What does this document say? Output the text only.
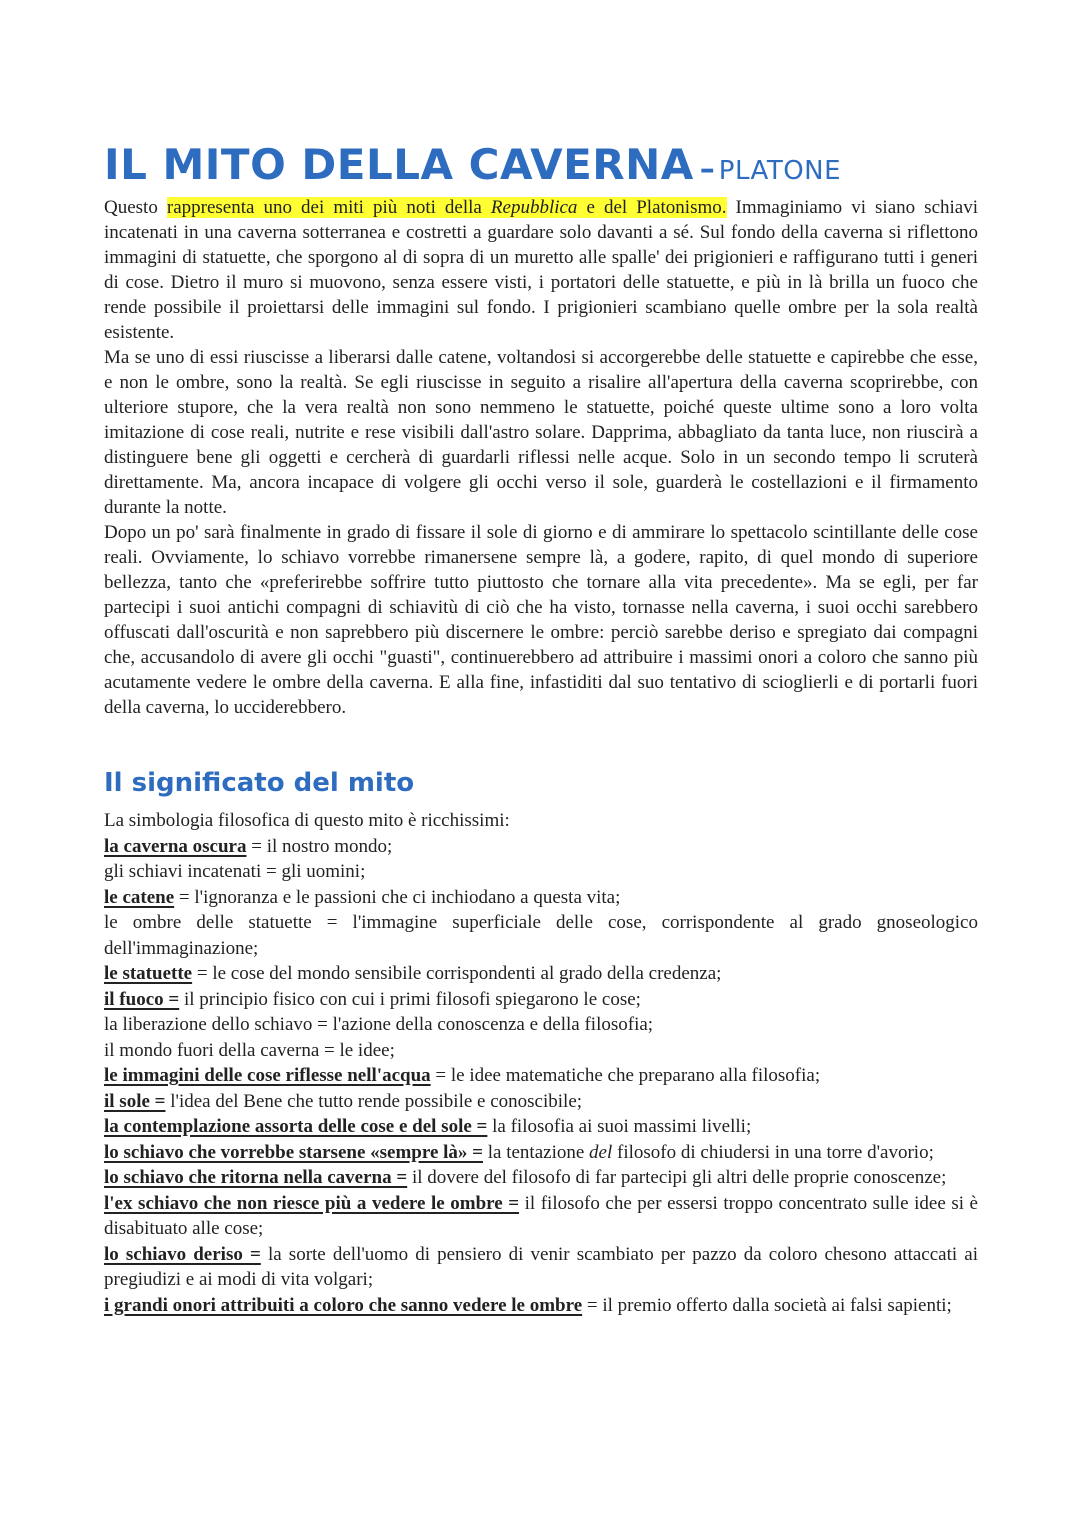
IL MITO DELLA CAVERNA – PLATONE

Questo rappresenta uno dei miti più noti della Repubblica e del Platonismo. Immaginiamo vi siano schiavi incatenati in una caverna sotterranea e costretti a guardare solo davanti a sé. Sul fondo della caverna si riflettono immagini di statuette, che sporgono al di sopra di un muretto alle spalle' dei prigionieri e raffigurano tutti i generi di cose. Dietro il muro si muovono, senza essere visti, i portatori delle statuette, e più in là brilla un fuoco che rende possibile il proiettarsi delle immagini sul fondo. I prigionieri scambiano quelle ombre per la sola realtà esistente.

Ma se uno di essi riuscisse a liberarsi dalle catene, voltandosi si accorgerebbe delle statuette e capirebbe che esse, e non le ombre, sono la realtà. Se egli riuscisse in seguito a risalire all'apertura della caverna scoprirebbe, con ulteriore stupore, che la vera realtà non sono nemmeno le statuette, poiché queste ultime sono a loro volta imitazione di cose reali, nutrite e rese visibili dall'astro solare. Dapprima, abbagliato da tanta luce, non riuscirà a distinguere bene gli oggetti e cercherà di guardarli riflessi nelle acque. Solo in un secondo tempo li scruterà direttamente. Ma, ancora incapace di volgere gli occhi verso il sole, guarderà le costellazioni e il firmamento durante la notte.

Dopo un po' sarà finalmente in grado di fissare il sole di giorno e di ammirare lo spettacolo scintillante delle cose reali. Ovviamente, lo schiavo vorrebbe rimanersene sempre là, a godere, rapito, di quel mondo di superiore bellezza, tanto che «preferirebbe soffrire tutto piuttosto che tornare alla vita precedente». Ma se egli, per far partecipi i suoi antichi compagni di schiavitù di ciò che ha visto, tornasse nella caverna, i suoi occhi sarebbero offuscati dall'oscurità e non saprebbero più discernere le ombre: perciò sarebbe deriso e spregiato dai compagni che, accusandolo di avere gli occhi "guasti", continuerebbero ad attribuire i massimi onori a coloro che sanno più acutamente vedere le ombre della caverna. E alla fine, infastiditi dal suo tentativo di scioglierli e di portarli fuori della caverna, lo ucciderebbero.

Il significato del mito

La simbologia filosofica di questo mito è ricchissimi:

la caverna oscura = il nostro mondo;

gli schiavi incatenati = gli uomini;

le catene = l'ignoranza e le passioni che ci inchiodano a questa vita;

le ombre delle statuette = l'immagine superficiale delle cose, corrispondente al grado gnoseologico dell'immaginazione;

le statuette = le cose del mondo sensibile corrispondenti al grado della credenza;

il fuoco = il principio fisico con cui i primi filosofi spiegarono le cose;

la liberazione dello schiavo = l'azione della conoscenza e della filosofia;

il mondo fuori della caverna = le idee;

le immagini delle cose riflesse nell'acqua = le idee matematiche che preparano alla filosofia;

il sole = l'idea del Bene che tutto rende possibile e conoscibile;

la contemplazione assorta delle cose e del sole = la filosofia ai suoi massimi livelli;

lo schiavo che vorrebbe starsene «sempre là» = la tentazione del filosofo di chiudersi in una torre d'avorio;

lo schiavo che ritorna nella caverna = il dovere del filosofo di far partecipi gli altri delle proprie conoscenze;

l'ex schiavo che non riesce più a vedere le ombre = il filosofo che per essersi troppo concentrato sulle idee si è disabituato alle cose;

lo schiavo deriso = la sorte dell'uomo di pensiero di venir scambiato per pazzo da coloro chesono attaccati ai pregiudizi e ai modi di vita volgari;

i grandi onori attribuiti a coloro che sanno vedere le ombre = il premio offerto dalla società ai falsi sapienti;
